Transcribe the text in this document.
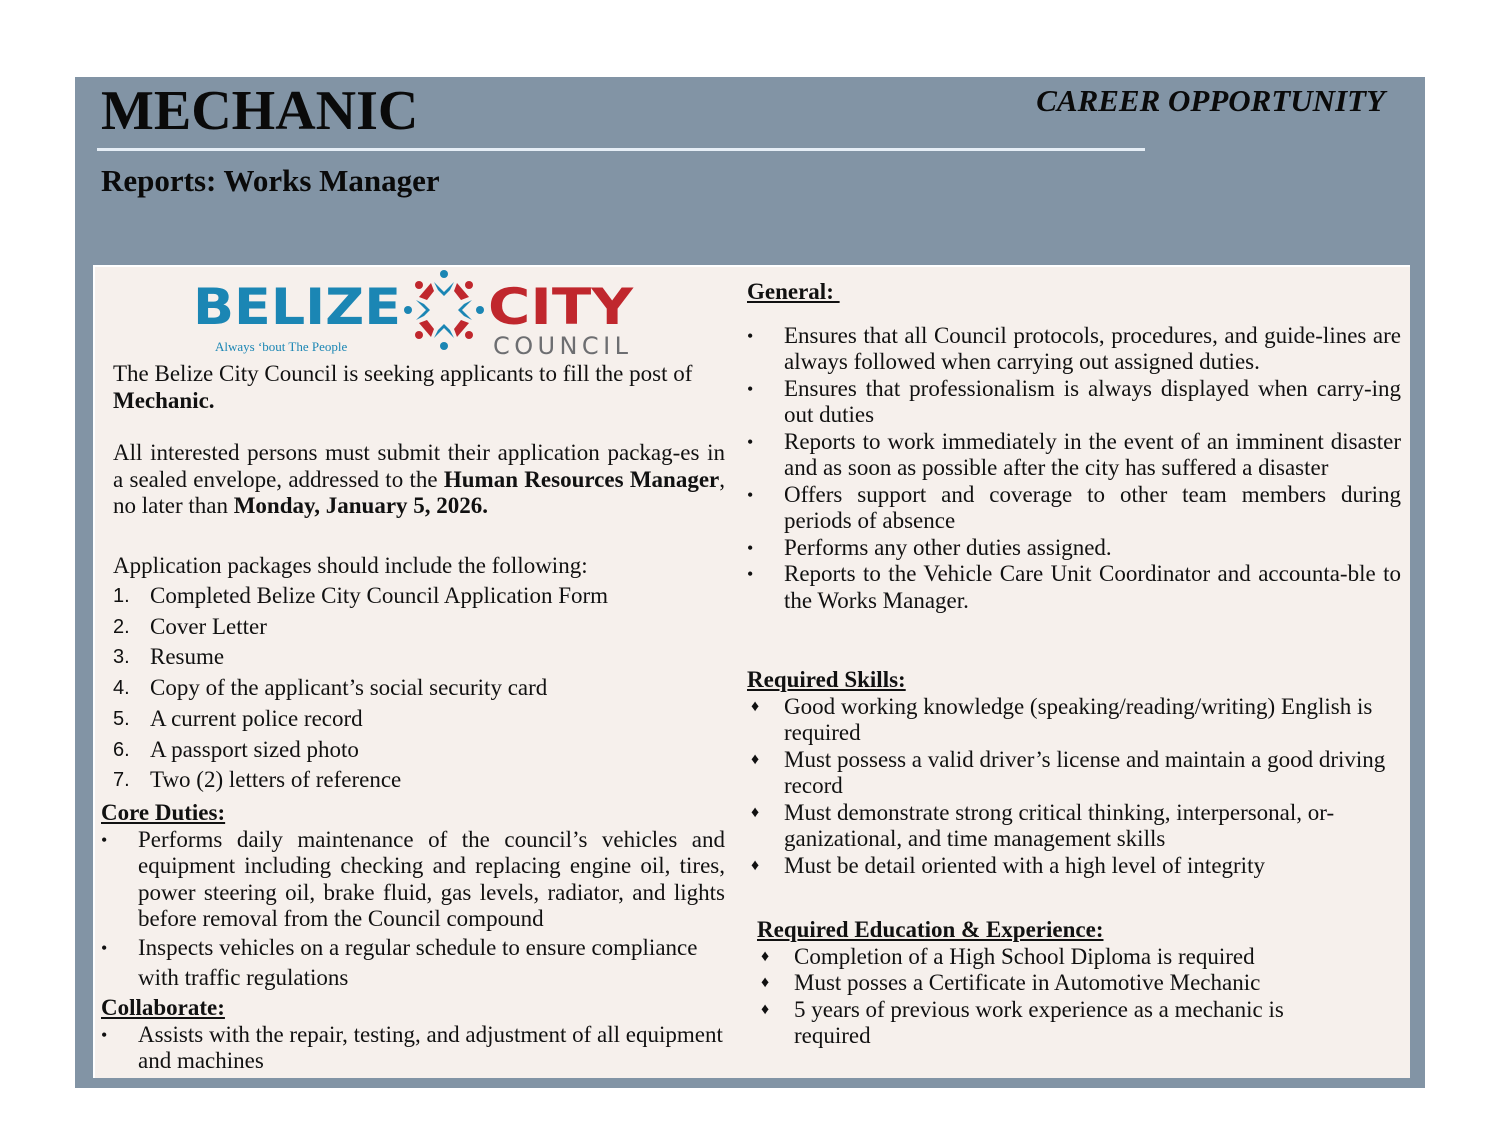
MECHANIC	CAREER OPPORTUNITY
Reports: Works Manager
BELIZE
Always ‘bout The People
CITY
COUNCIL

The Belize City Council is seeking applicants to fill the post of Mechanic.

All interested persons must submit their application packag-es in a sealed envelope, addressed to the Human Resources Manager, no later than Monday, January 5, 2026.

Application packages should include the following:

1. Completed Belize City Council Application Form
2. Cover Letter
3. Resume
4. Copy of the applicant’s social security card
5. A current police record
6. A passport sized photo
7. Two (2) letters of reference
Core Duties:
• Performs daily maintenance of the council’s vehicles and equipment including checking and replacing engine oil, tires, power steering oil, brake fluid, gas levels, radiator, and lights before removal from the Council compound
• Inspects vehicles on a regular schedule to ensure compliance with traffic regulations
Collaborate:
• Assists with the repair, testing, and adjustment of all equipment and machines
General:
• Ensures that all Council protocols, procedures, and guide-lines are always followed when carrying out assigned duties.
• Ensures that professionalism is always displayed when carry-ing out duties
• Reports to work immediately in the event of an imminent disaster and as soon as possible after the city has suffered a disaster
• Offers support and coverage to other team members during periods of absence
• Performs any other duties assigned.
• Reports to the Vehicle Care Unit Coordinator and accounta-ble to the Works Manager.
Required Skills:
♦ Good working knowledge (speaking/reading/writing) English is required
♦ Must possess a valid driver’s license and maintain a good driving record
♦ Must demonstrate strong critical thinking, interpersonal, or-ganizational, and time management skills
♦ Must be detail oriented with a high level of integrity
Required Education & Experience:
♦ Completion of a High School Diploma is required
♦ Must posses a Certificate in Automotive Mechanic
♦ 5 years of previous work experience as a mechanic is required
